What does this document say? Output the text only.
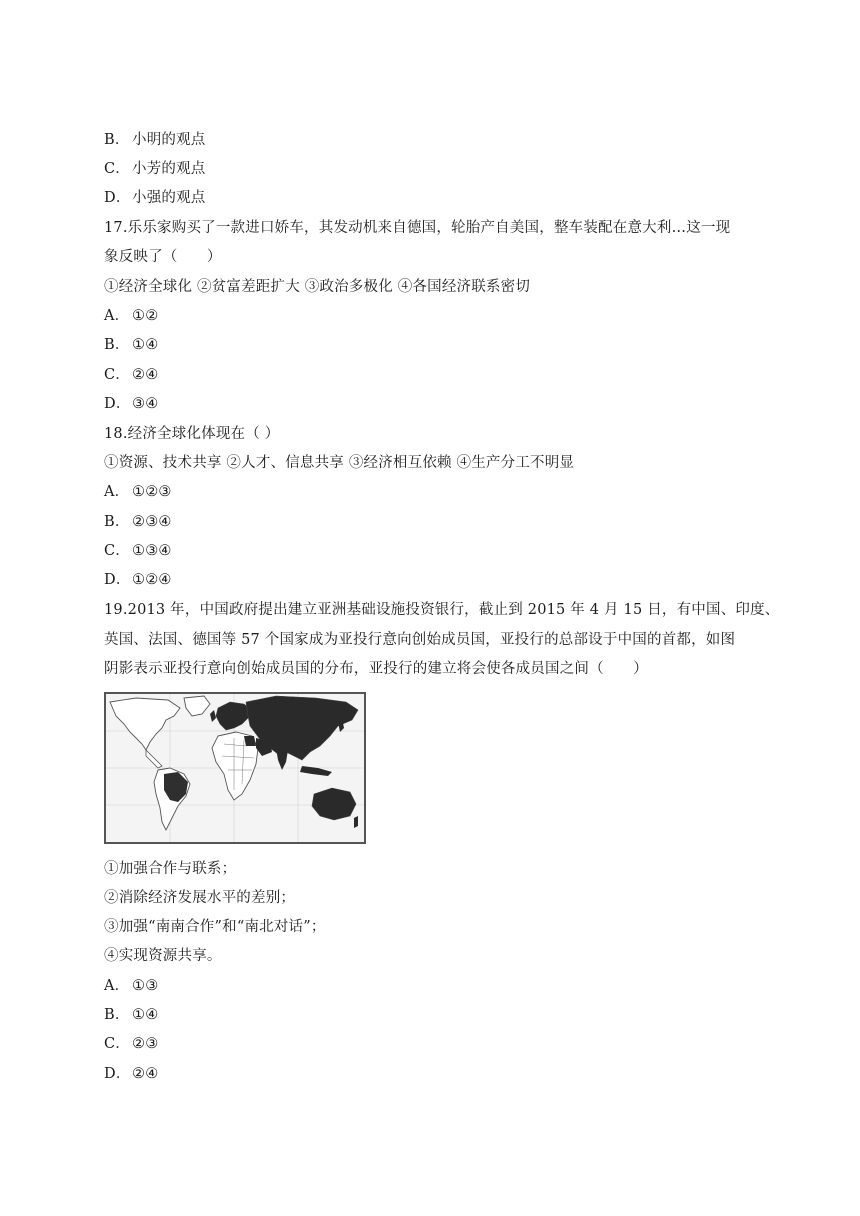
B． 小明的观点
C． 小芳的观点
D．小强的观点
17.乐乐家购买了一款进口娇车，其发动机来自德国，轮胎产自美国，整车装配在意大利…这一现
象反映了（　　）
①经济全球化 ②贫富差距扩大 ③政治多极化 ④各国经济联系密切
A． ①②
B． ①④
C． ②④
D．③④
18.经济全球化体现在（ ）
①资源、技术共享 ②人才、信息共享 ③经济相互依赖 ④生产分工不明显
A． ①②③
B． ②③④
C． ①③④
D．①②④
19.2013 年，中国政府提出建立亚洲基础设施投资银行，截止到 2015 年 4 月 15 日，有中国、印度、
英国、法国、德国等 57 个国家成为亚投行意向创始成员国，亚投行的总部设于中国的首都，如图
阴影表示亚投行意向创始成员国的分布，亚投行的建立将会使各成员国之间（　　）
①加强合作与联系；
②消除经济发展水平的差别；
③加强“南南合作”和“南北对话”；
④实现资源共享。
A． ①③
B． ①④
C． ②③
D．②④
